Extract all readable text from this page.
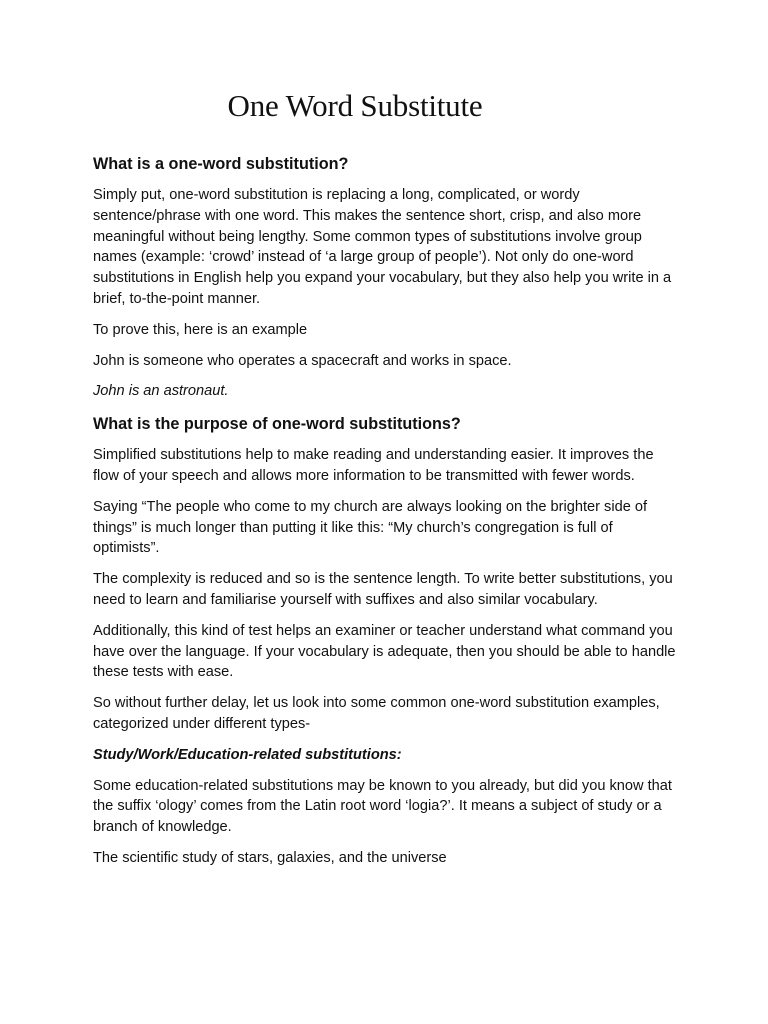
One Word Substitute
What is a one-word substitution?

Simply put, one-word substitution is replacing a long, complicated, or wordy sentence/phrase with one word. This makes the sentence short, crisp, and also more meaningful without being lengthy. Some common types of substitutions involve group names (example: ‘crowd’ instead of ‘a large group of people’). Not only do one-word substitutions in English help you expand your vocabulary, but they also help you write in a brief, to-the-point manner.

To prove this, here is an example

John is someone who operates a spacecraft and works in space.

John is an astronaut.

What is the purpose of one-word substitutions?

Simplified substitutions help to make reading and understanding easier. It improves the flow of your speech and allows more information to be transmitted with fewer words.

Saying “The people who come to my church are always looking on the brighter side of things” is much longer than putting it like this: “My church’s congregation is full of optimists”.

The complexity is reduced and so is the sentence length. To write better substitutions, you need to learn and familiarise yourself with suffixes and also similar vocabulary.

Additionally, this kind of test helps an examiner or teacher understand what command you have over the language. If your vocabulary is adequate, then you should be able to handle these tests with ease.

So without further delay, let us look into some common one-word substitution examples, categorized under different types-

Study/Work/Education-related substitutions:

Some education-related substitutions may be known to you already, but did you know that the suffix ‘ology’ comes from the Latin root word ‘logia?’. It means a subject of study or a branch of knowledge.

The scientific study of stars, galaxies, and the universe
